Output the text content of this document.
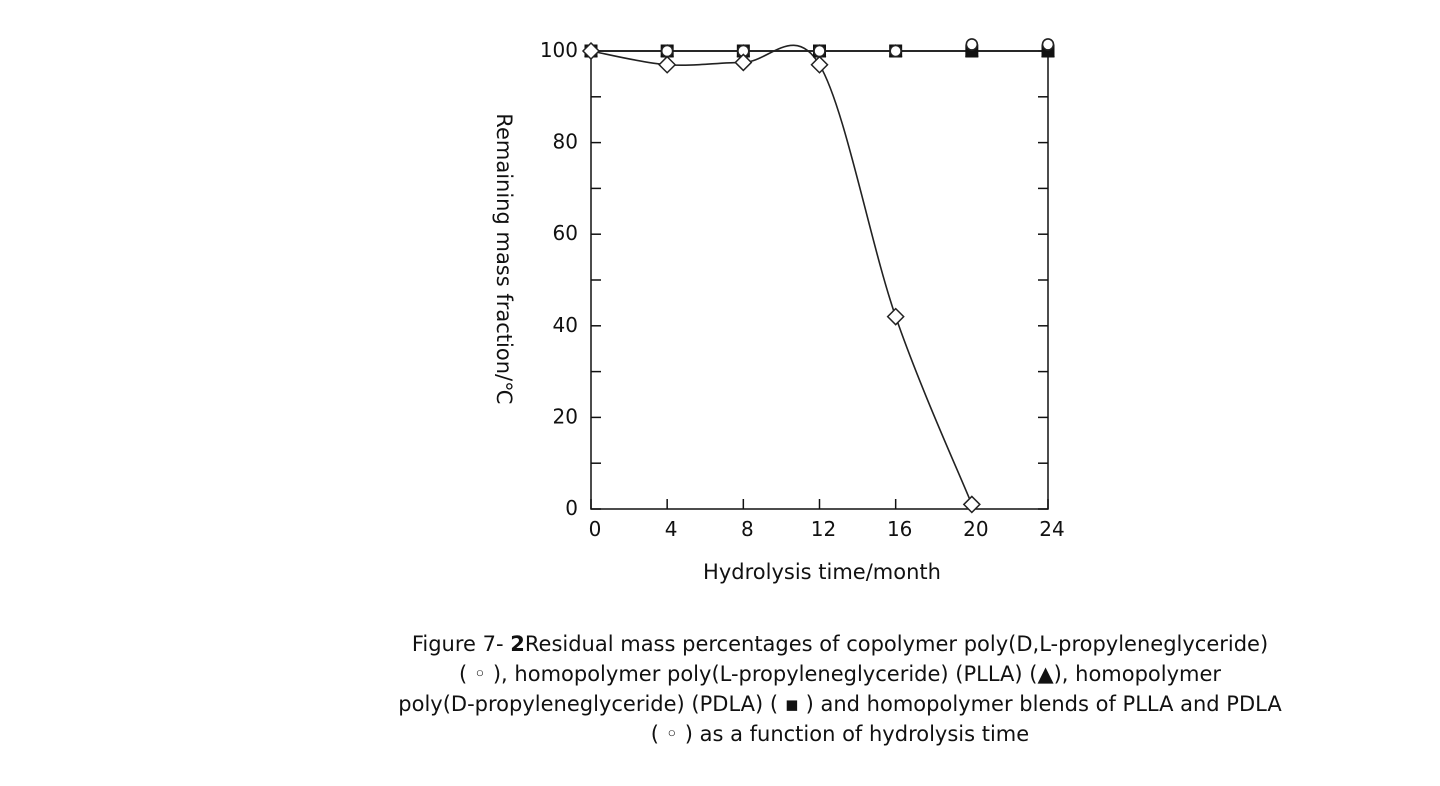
0	4	8	12	16	20	24
0
20
40
60
80
100
Hydrolysis time/month
Remaining mass fraction/℃
Figure 7- 2Residual mass percentages of copolymer poly(D,L-propyleneglyceride)
( ◦ ), homopolymer poly(L-propyleneglyceride) (PLLA) (▲), homopolymer
poly(D-propyleneglyceride) (PDLA) ( ▪ ) and homopolymer blends of PLLA and PDLA
( ◦ ) as a function of hydrolysis time
